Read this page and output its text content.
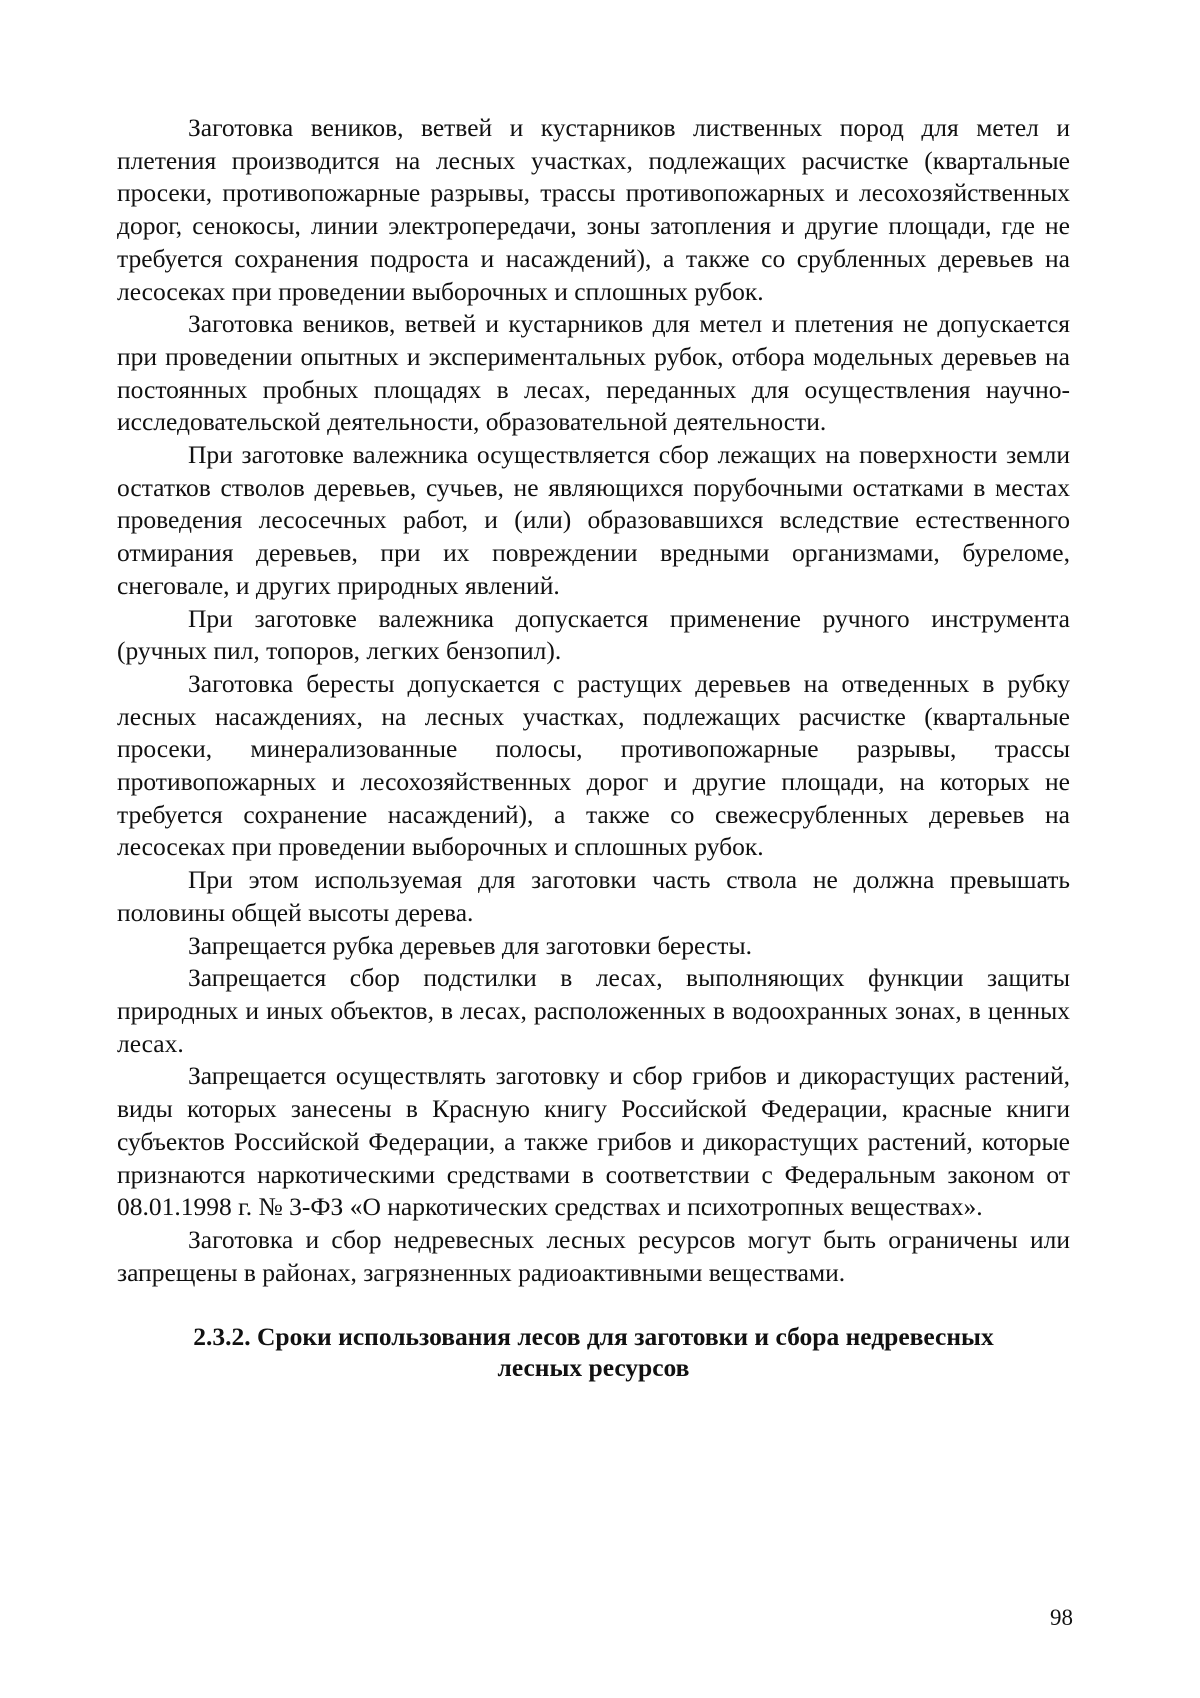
Заготовка веников, ветвей и кустарников лиственных пород для метел и плетения производится на лесных участках, подлежащих расчистке (квартальные просеки, противопожарные разрывы, трассы противопожарных и лесохозяйственных дорог, сенокосы, линии электропередачи, зоны затопления и другие площади, где не требуется сохранения подроста и насаждений), а также со срубленных деревьев на лесосеках при проведении выборочных и сплошных рубок.

Заготовка веников, ветвей и кустарников для метел и плетения не допускается при проведении опытных и экспериментальных рубок, отбора модельных деревьев на постоянных пробных площадях в лесах, переданных для осуществления научно-исследовательской деятельности, образовательной деятельности.

При заготовке валежника осуществляется сбор лежащих на поверхности земли остатков стволов деревьев, сучьев, не являющихся порубочными остатками в местах проведения лесосечных работ, и (или) образовавшихся вследствие естественного отмирания деревьев, при их повреждении вредными организмами, буреломе, снеговале, и других природных явлений.

При заготовке валежника допускается применение ручного инструмента (ручных пил, топоров, легких бензопил).

Заготовка бересты допускается с растущих деревьев на отведенных в рубку лесных насаждениях, на лесных участках, подлежащих расчистке (квартальные просеки, минерализованные полосы, противопожарные разрывы, трассы противопожарных и лесохозяйственных дорог и другие площади, на которых не требуется сохранение насаждений), а также со свежесрубленных деревьев на лесосеках при проведении выборочных и сплошных рубок.

При этом используемая для заготовки часть ствола не должна превышать половины общей высоты дерева.

Запрещается рубка деревьев для заготовки бересты.

Запрещается сбор подстилки в лесах, выполняющих функции защиты природных и иных объектов, в лесах, расположенных в водоохранных зонах, в ценных лесах.

Запрещается осуществлять заготовку и сбор грибов и дикорастущих растений, виды которых занесены в Красную книгу Российской Федерации, красные книги субъектов Российской Федерации, а также грибов и дикорастущих растений, которые признаются наркотическими средствами в соответствии с Федеральным законом от 08.01.1998 г. № 3-ФЗ «О наркотических средствах и психотропных веществах».

Заготовка и сбор недревесных лесных ресурсов могут быть ограничены или запрещены в районах, загрязненных радиоактивными веществами.

2.3.2. Сроки использования лесов для заготовки и сбора недревесных лесных ресурсов
98
